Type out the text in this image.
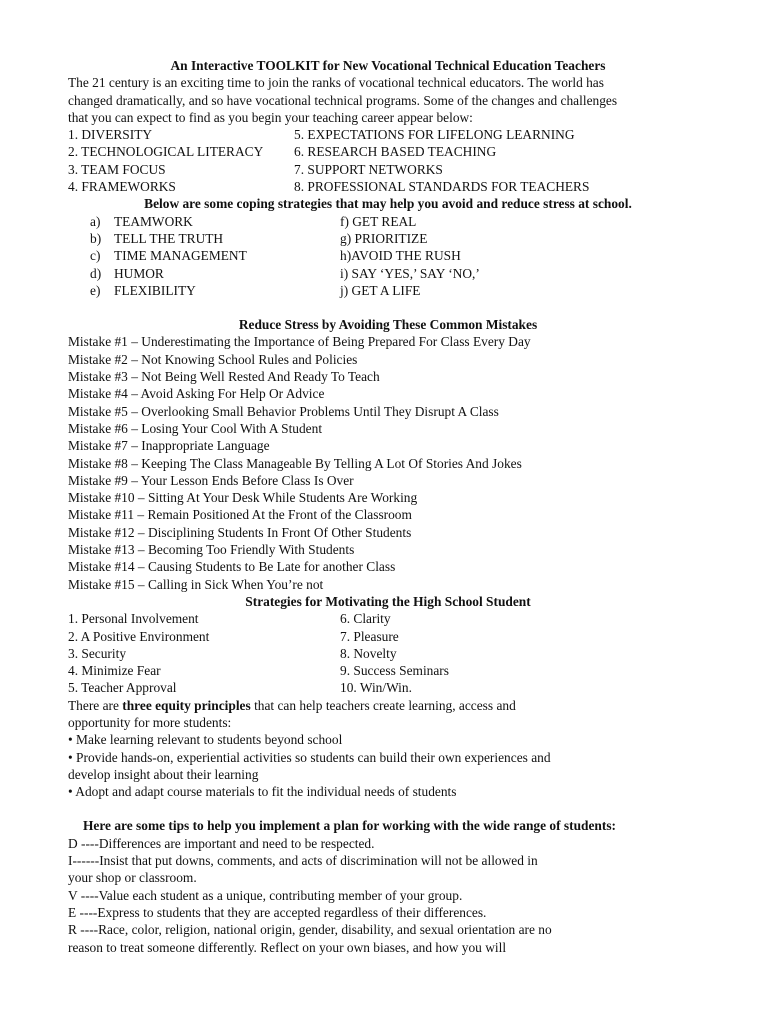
An Interactive TOOLKIT for New Vocational Technical Education Teachers
The 21 century is an exciting time to join the ranks of vocational technical educators. The world has
changed dramatically, and so have vocational technical programs. Some of the changes and challenges
that you can expect to find as you begin your teaching career appear below:
1. DIVERSITY
2. TECHNOLOGICAL LITERACY
3. TEAM FOCUS
4. FRAMEWORKS
5. EXPECTATIONS FOR LIFELONG LEARNING
6. RESEARCH BASED TEACHING
7. SUPPORT NETWORKS
8. PROFESSIONAL STANDARDS FOR TEACHERS
Below are some coping strategies that may help you avoid and reduce stress at school.
a) TEAMWORK
b) TELL THE TRUTH
c) TIME MANAGEMENT
d) HUMOR
e) FLEXIBILITY
f) GET REAL
g) PRIORITIZE
h)AVOID THE RUSH
i) SAY ‘YES,’ SAY ‘NO,’
j) GET A LIFE
Reduce Stress by Avoiding These Common Mistakes
Mistake #1 – Underestimating the Importance of Being Prepared For Class Every Day
Mistake #2 – Not Knowing School Rules and Policies
Mistake #3 – Not Being Well Rested And Ready To Teach
Mistake #4 – Avoid Asking For Help Or Advice
Mistake #5 – Overlooking Small Behavior Problems Until They Disrupt A Class
Mistake #6 – Losing Your Cool With A Student
Mistake #7 – Inappropriate Language
Mistake #8 – Keeping The Class Manageable By Telling A Lot Of Stories And Jokes
Mistake #9 – Your Lesson Ends Before Class Is Over
Mistake #10 – Sitting At Your Desk While Students Are Working
Mistake #11 – Remain Positioned At the Front of the Classroom
Mistake #12 – Disciplining Students In Front Of Other Students
Mistake #13 – Becoming Too Friendly With Students
Mistake #14 – Causing Students to Be Late for another Class
Mistake #15 – Calling in Sick When You’re not
Strategies for Motivating the High School Student
1. Personal Involvement
2. A Positive Environment
3. Security
4. Minimize Fear
5. Teacher Approval
6. Clarity
7. Pleasure
8. Novelty
9. Success Seminars
10. Win/Win.
There are three equity principles that can help teachers create learning, access and
opportunity for more students:
• Make learning relevant to students beyond school
• Provide hands-on, experiential activities so students can build their own experiences and
develop insight about their learning
• Adopt and adapt course materials to fit the individual needs of students
Here are some tips to help you implement a plan for working with the wide range of students:
D ----Differences are important and need to be respected.
I------Insist that put downs, comments, and acts of discrimination will not be allowed in
your shop or classroom.
V ----Value each student as a unique, contributing member of your group.
E ----Express to students that they are accepted regardless of their differences.
R ----Race, color, religion, national origin, gender, disability, and sexual orientation are no
reason to treat someone differently. Reflect on your own biases, and how you will
